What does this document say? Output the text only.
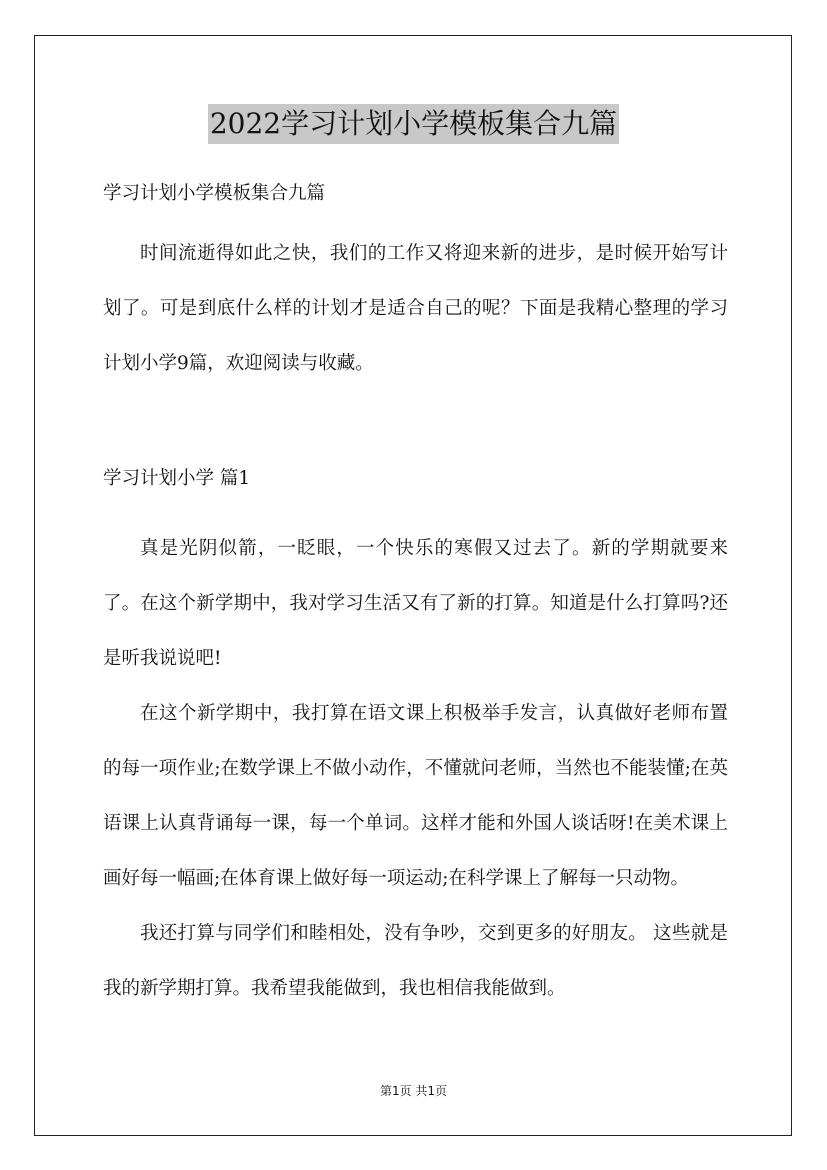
2022学习计划小学模板集合九篇

学习计划小学模板集合九篇

时间流逝得如此之快，我们的工作又将迎来新的进步，是时候开始写计划了。可是到底什么样的计划才是适合自己的呢？下面是我精心整理的学习计划小学9篇，欢迎阅读与收藏。

学习计划小学 篇1

真是光阴似箭，一眨眼，一个快乐的寒假又过去了。新的学期就要来了。在这个新学期中，我对学习生活又有了新的打算。知道是什么打算吗?还是听我说说吧!

在这个新学期中，我打算在语文课上积极举手发言，认真做好老师布置的每一项作业;在数学课上不做小动作，不懂就问老师，当然也不能装懂;在英语课上认真背诵每一课，每一个单词。这样才能和外国人谈话呀!在美术课上画好每一幅画;在体育课上做好每一项运动;在科学课上了解每一只动物。

我还打算与同学们和睦相处，没有争吵，交到更多的好朋友。 这些就是我的新学期打算。我希望我能做到，我也相信我能做到。

第1页 共1页
